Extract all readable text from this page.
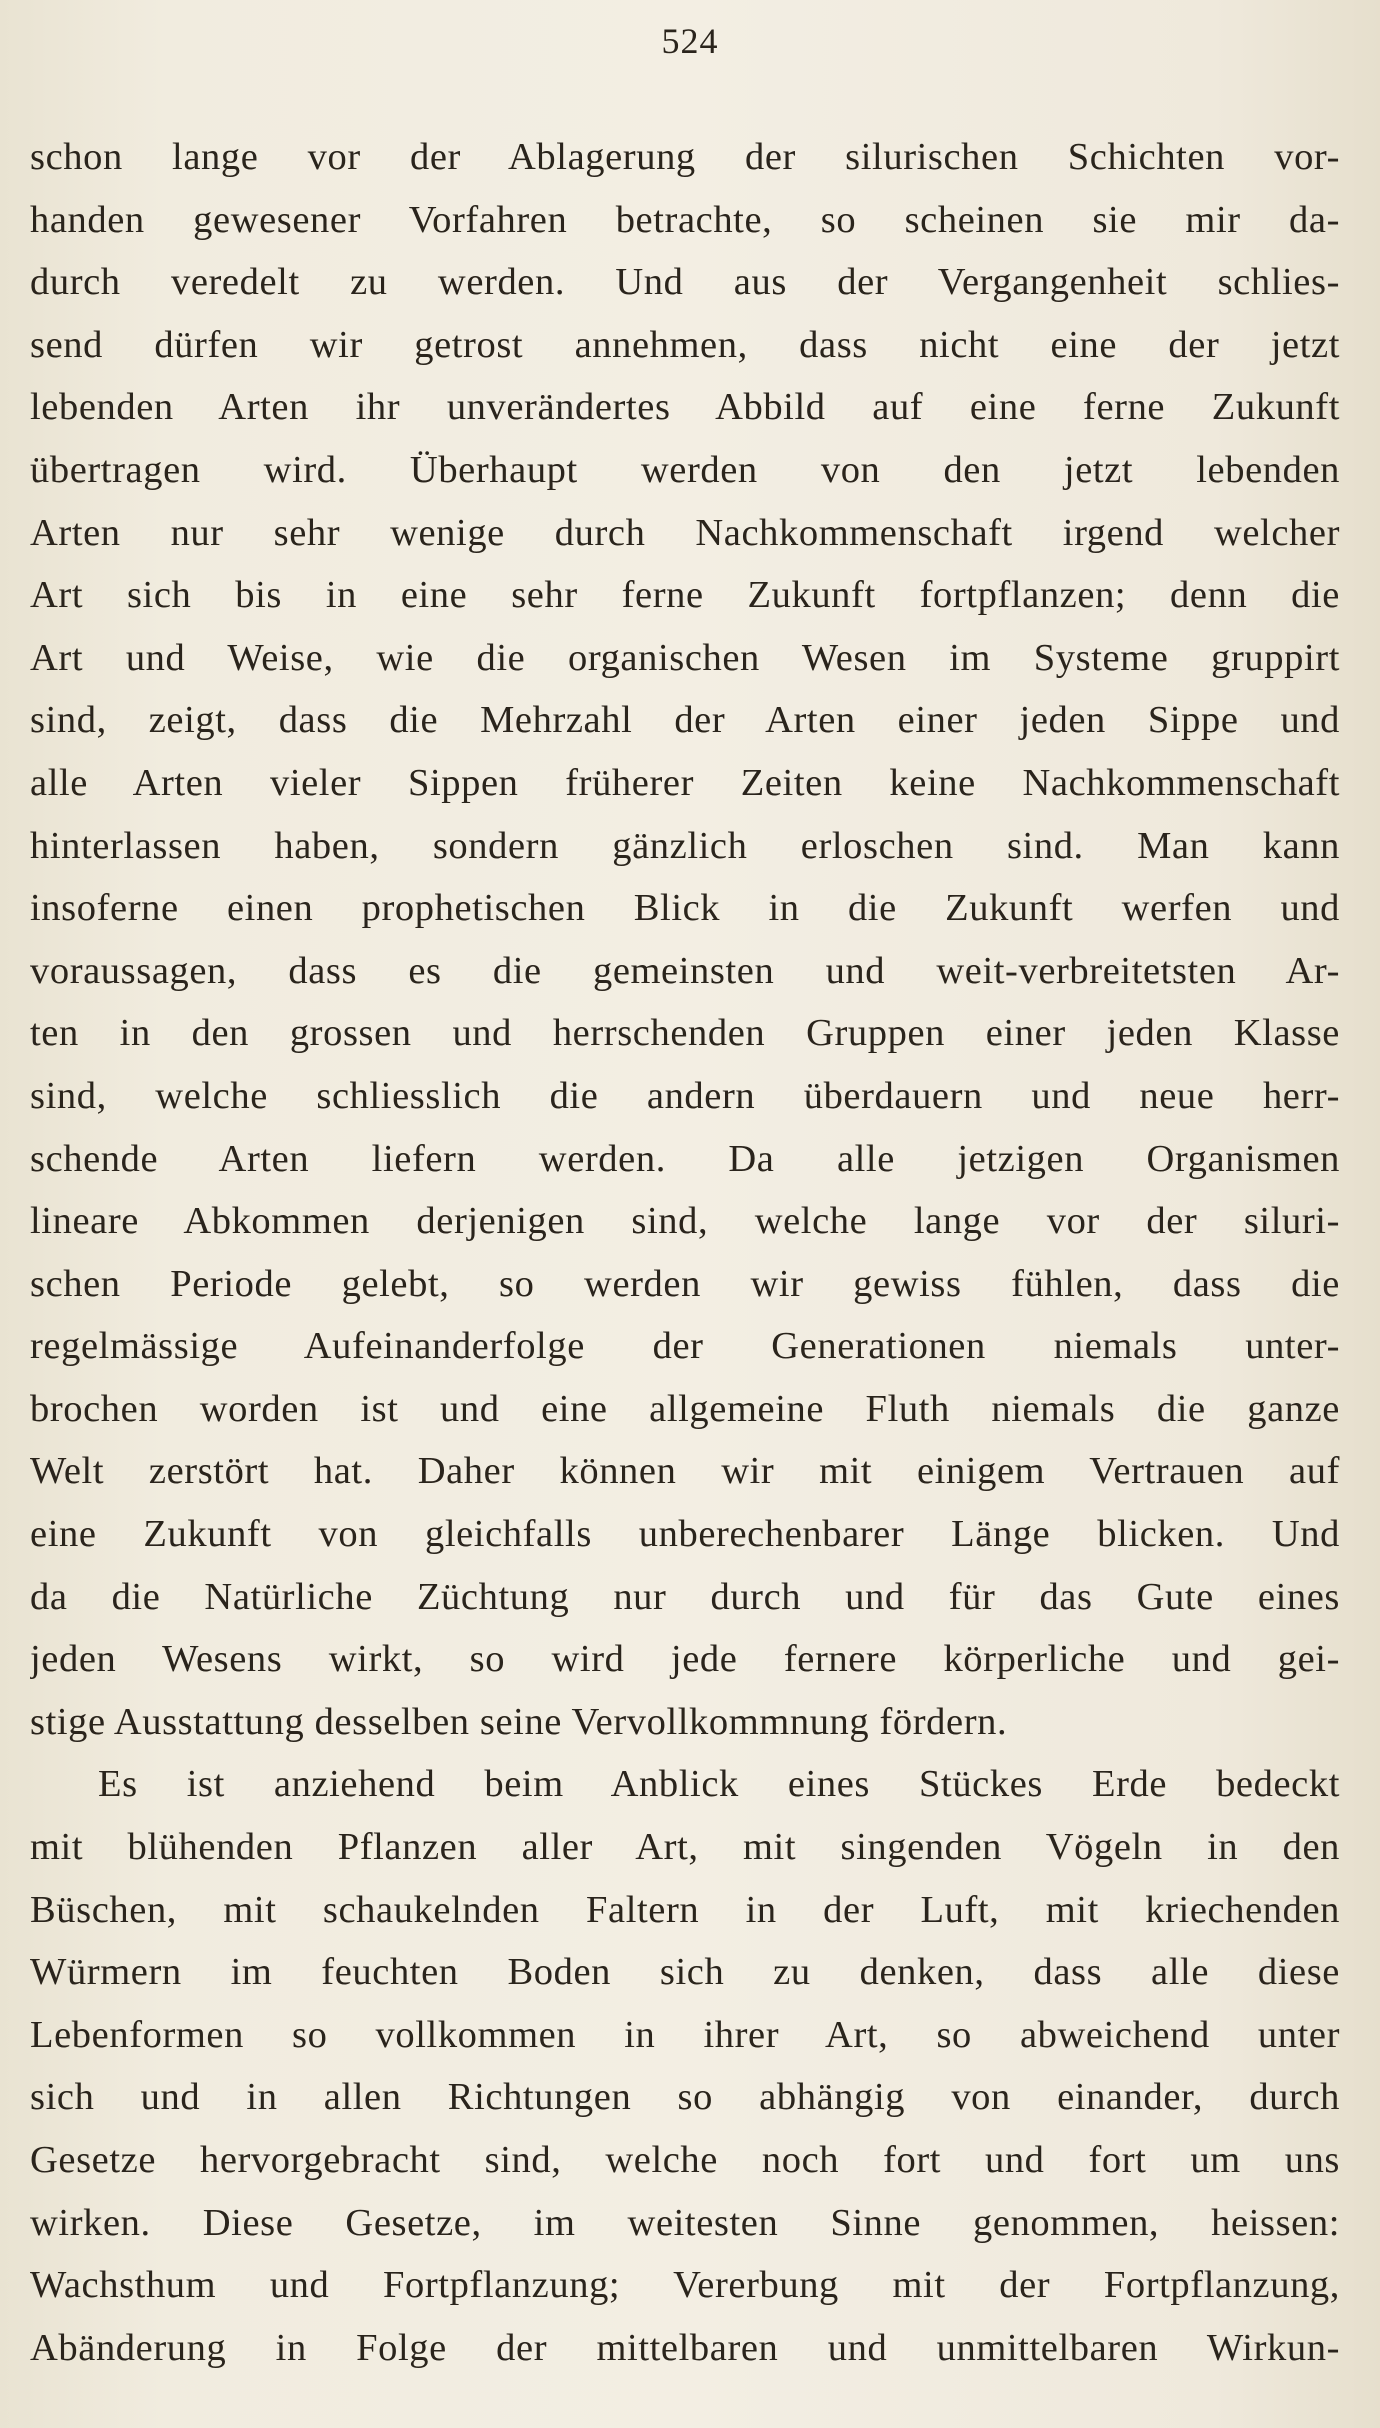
524
schon lange vor der Ablagerung der silurischen Schichten vor-
handen gewesener Vorfahren betrachte, so scheinen sie mir da-
durch veredelt zu werden. Und aus der Vergangenheit schlies-
send dürfen wir getrost annehmen, dass nicht eine der jetzt
lebenden Arten ihr unverändertes Abbild auf eine ferne Zukunft
übertragen wird. Überhaupt werden von den jetzt lebenden
Arten nur sehr wenige durch Nachkommenschaft irgend welcher
Art sich bis in eine sehr ferne Zukunft fortpflanzen; denn die
Art und Weise, wie die organischen Wesen im Systeme gruppirt
sind, zeigt, dass die Mehrzahl der Arten einer jeden Sippe und
alle Arten vieler Sippen früherer Zeiten keine Nachkommenschaft
hinterlassen haben, sondern gänzlich erloschen sind. Man kann
insoferne einen prophetischen Blick in die Zukunft werfen und
voraussagen, dass es die gemeinsten und weit-verbreitetsten Ar-
ten in den grossen und herrschenden Gruppen einer jeden Klasse
sind, welche schliesslich die andern überdauern und neue herr-
schende Arten liefern werden. Da alle jetzigen Organismen
lineare Abkommen derjenigen sind, welche lange vor der siluri-
schen Periode gelebt, so werden wir gewiss fühlen, dass die
regelmässige Aufeinanderfolge der Generationen niemals unter-
brochen worden ist und eine allgemeine Fluth niemals die ganze
Welt zerstört hat. Daher können wir mit einigem Vertrauen auf
eine Zukunft von gleichfalls unberechenbarer Länge blicken. Und
da die Natürliche Züchtung nur durch und für das Gute eines
jeden Wesens wirkt, so wird jede fernere körperliche und gei-
stige Ausstattung desselben seine Vervollkommnung fördern.
Es ist anziehend beim Anblick eines Stückes Erde bedeckt
mit blühenden Pflanzen aller Art, mit singenden Vögeln in den
Büschen, mit schaukelnden Faltern in der Luft, mit kriechenden
Würmern im feuchten Boden sich zu denken, dass alle diese
Lebenformen so vollkommen in ihrer Art, so abweichend unter
sich und in allen Richtungen so abhängig von einander, durch
Gesetze hervorgebracht sind, welche noch fort und fort um uns
wirken. Diese Gesetze, im weitesten Sinne genommen, heissen:
Wachsthum und Fortpflanzung; Vererbung mit der Fortpflanzung,
Abänderung in Folge der mittelbaren und unmittelbaren Wirkun-
